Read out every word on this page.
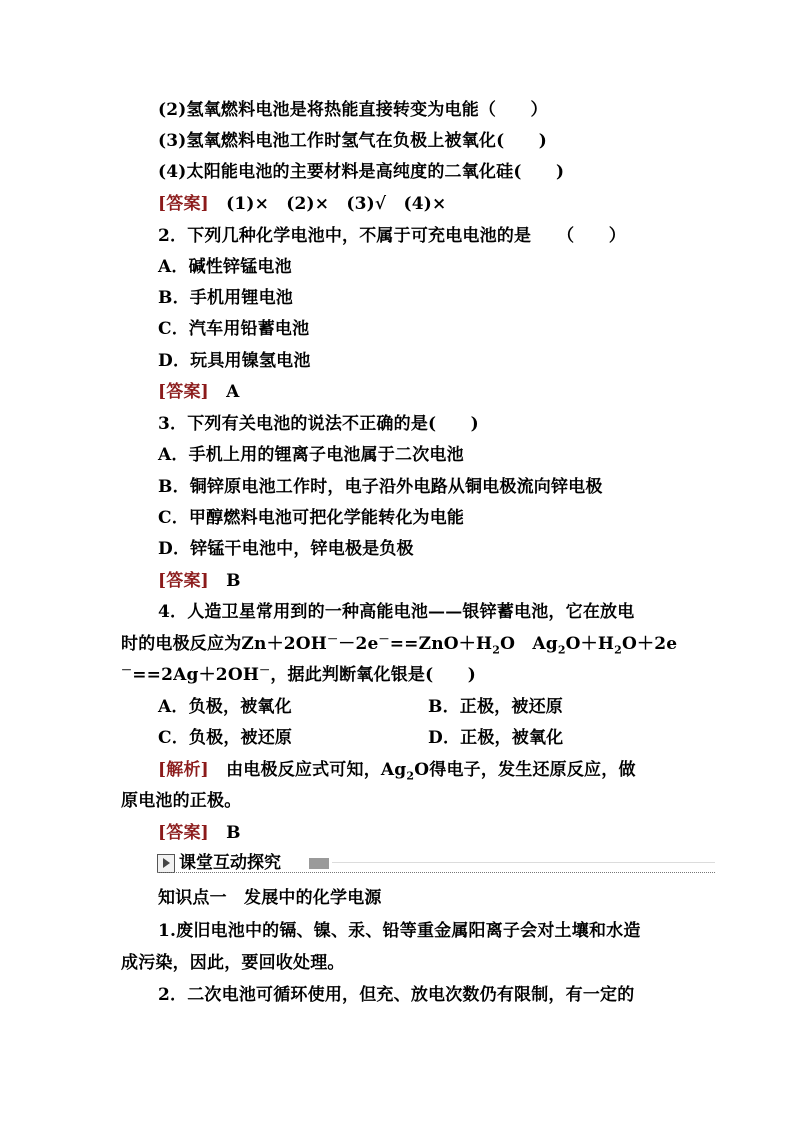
(2)氢氧燃料电池是将热能直接转变为电能（　　）
(3)氢氧燃料电池工作时氢气在负极上被氧化(　　)
(4)太阳能电池的主要材料是高纯度的二氧化硅(　　)
[答案]　(1)×　(2)×　(3)√　(4)×
2．下列几种化学电池中，不属于可充电电池的是　　（　　）
A．碱性锌锰电池
B．手机用锂电池
C．汽车用铅蓄电池
D．玩具用镍氢电池
[答案]　A
3．下列有关电池的说法不正确的是(　　)
A．手机上用的锂离子电池属于二次电池
B．铜锌原电池工作时，电子沿外电路从铜电极流向锌电极
C．甲醇燃料电池可把化学能转化为电能
D．锌锰干电池中，锌电极是负极
[答案]　B
4．人造卫星常用到的一种高能电池——银锌蓄电池，它在放电
时的电极反应为$Zn+2OH^--2e^-==ZnO+H_2O$　$Ag_2O+H_2O+2e$
－==2Ag＋2OH－，据此判断氧化银是(　　)
A．负极，被氧化	B．正极，被还原
C．负极，被还原	D．正极，被氧化
[解析]　由电极反应式可知，$Ag_2O$得电子，发生还原反应，做
原电池的正极。
[答案]　B
课堂互动探究
知识点一　发展中的化学电源
1.废旧电池中的镉、镍、汞、铅等重金属阳离子会对土壤和水造
成污染，因此，要回收处理。
2．二次电池可循环使用，但充、放电次数仍有限制，有一定的
